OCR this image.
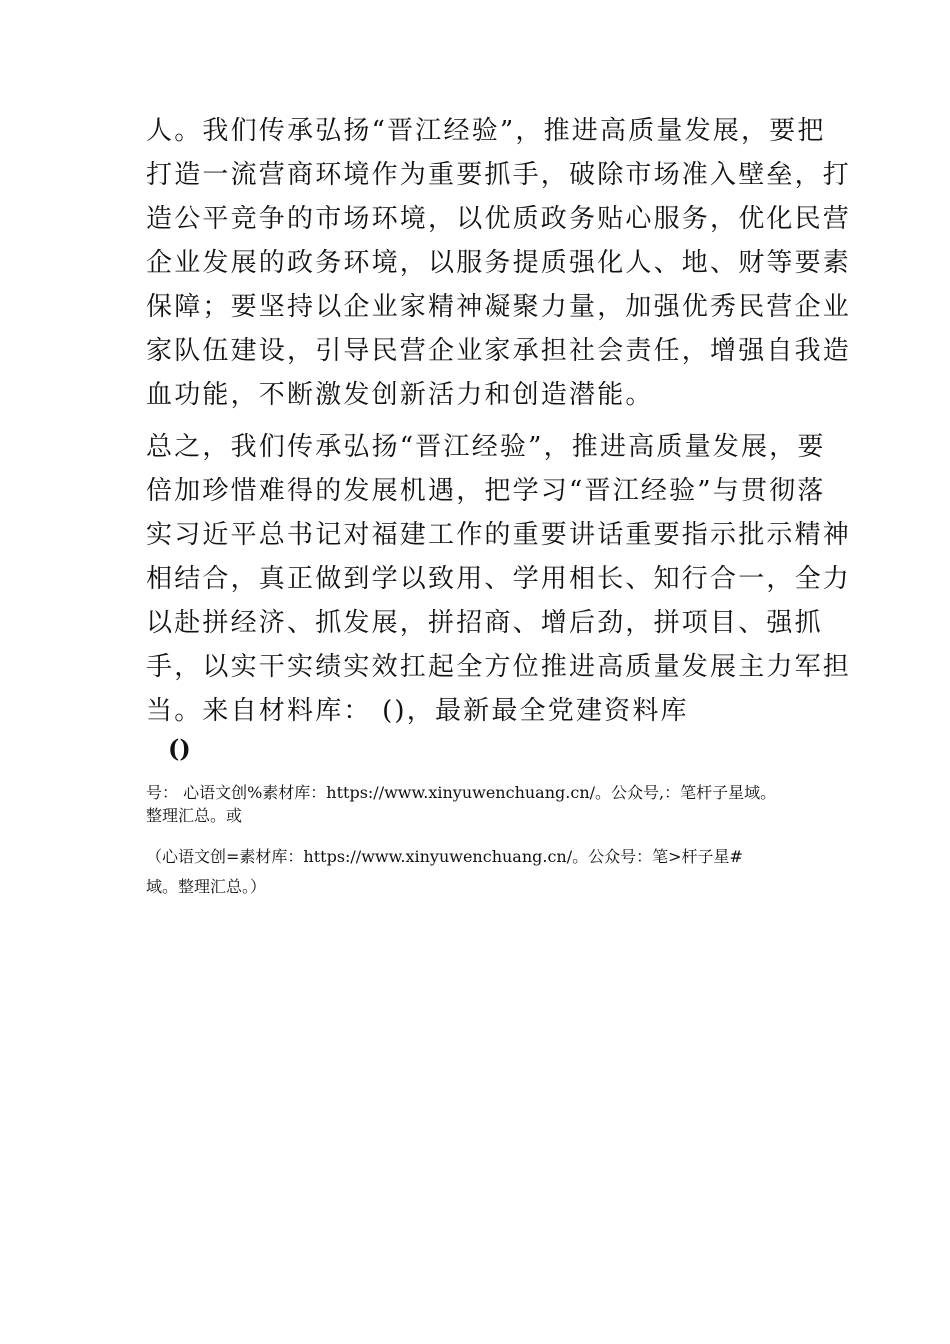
人。我们传承弘扬“晋江经验”，推进高质量发展，要把
打造一流营商环境作为重要抓手，破除市场准入壁垒，打
造公平竞争的市场环境，以优质政务贴心服务，优化民营
企业发展的政务环境，以服务提质强化人、地、财等要素
保障；要坚持以企业家精神凝聚力量，加强优秀民营企业
家队伍建设，引导民营企业家承担社会责任，增强自我造
血功能，不断激发创新活力和创造潜能。
总之，我们传承弘扬“晋江经验”，推进高质量发展，要
倍加珍惜难得的发展机遇，把学习“晋江经验”与贯彻落
实习近平总书记对福建工作的重要讲话重要指示批示精神
相结合，真正做到学以致用、学用相长、知行合一，全力
以赴拼经济、抓发展，拼招商、增后劲，拼项目、强抓
手，以实干实绩实效扛起全方位推进高质量发展主力军担
当。来自材料库： ()，最新最全党建资料库
()
号： 心语文创%素材库：https://www.xinyuwenchuang.cn/。公众号,：笔杆子星域。
整理汇总。或
（心语文创=素材库：https://www.xinyuwenchuang.cn/。公众号：笔>杆子星#
域。整理汇总。）
